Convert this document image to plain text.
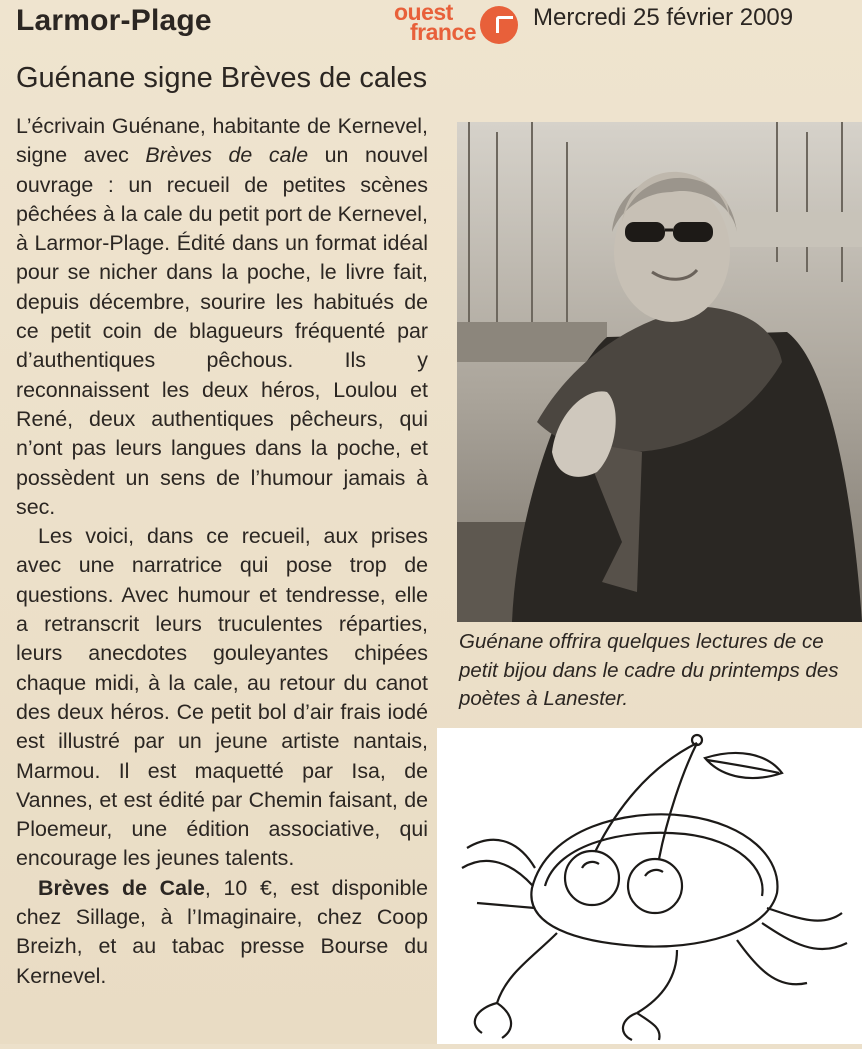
Larmor-Plage	ouest
france
Mercredi 25 février 2009
Guénane signe Brèves de cales

L’écrivain Guénane, habitante de Kernevel, signe avec Brèves de cale un nouvel ouvrage : un recueil de petites scènes pêchées à la cale du petit port de Kernevel, à Larmor-Plage. Édité dans un format idéal pour se nicher dans la poche, le livre fait, depuis décembre, sourire les habitués de ce petit coin de blagueurs fréquenté par d’authentiques pêchous. Ils y reconnaissent les deux héros, Loulou et René, deux authentiques pêcheurs, qui n’ont pas leurs langues dans la poche, et possèdent un sens de l’humour jamais à sec.

Les voici, dans ce recueil, aux prises avec une narratrice qui pose trop de questions. Avec humour et tendresse, elle a retranscrit leurs truculentes réparties, leurs anecdotes gouleyantes chipées chaque midi, à la cale, au retour du canot des deux héros. Ce petit bol d’air frais iodé est illustré par un jeune artiste nantais, Marmou. Il est maquetté par Isa, de Vannes, et est édité par Chemin faisant, de Ploemeur, une édition associative, qui encourage les jeunes talents.

Brèves de Cale, 10 €, est disponible chez Sillage, à l’Imaginaire, chez Coop Breizh, et au tabac presse Bourse du Kernevel.

Guénane offrira quelques lectures de ce petit bijou dans le cadre du printemps des poètes à Lanester.
